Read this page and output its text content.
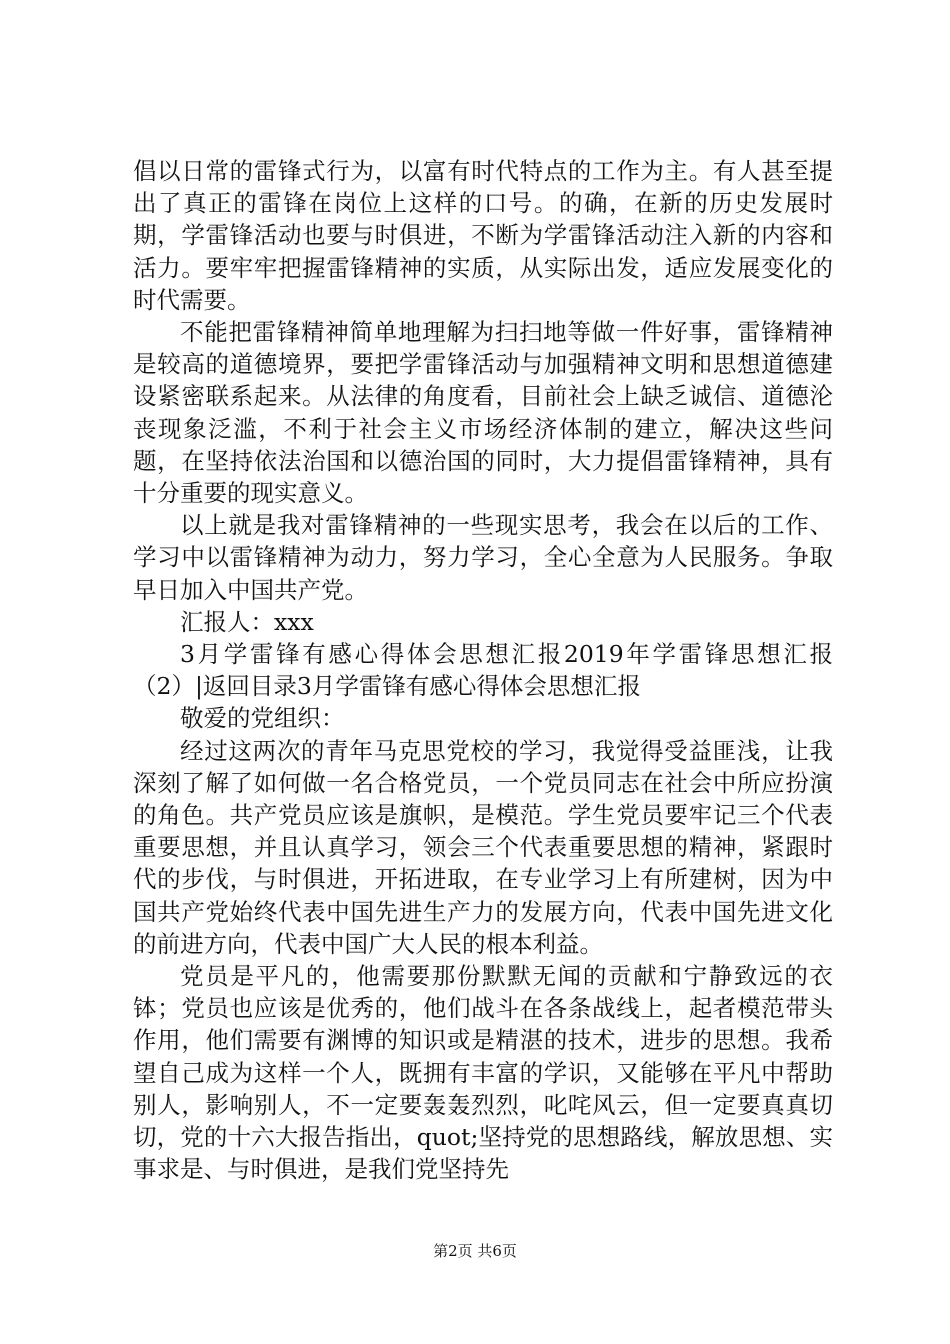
倡以日常的雷锋式行为，以富有时代特点的工作为主。有人甚至提出了真正的雷锋在岗位上这样的口号。的确，在新的历史发展时期，学雷锋活动也要与时俱进，不断为学雷锋活动注入新的内容和活力。要牢牢把握雷锋精神的实质，从实际出发，适应发展变化的时代需要。

不能把雷锋精神简单地理解为扫扫地等做一件好事，雷锋精神是较高的道德境界，要把学雷锋活动与加强精神文明和思想道德建设紧密联系起来。从法律的角度看，目前社会上缺乏诚信、道德沦丧现象泛滥，不利于社会主义市场经济体制的建立，解决这些问题，在坚持依法治国和以德治国的同时，大力提倡雷锋精神，具有十分重要的现实意义。

以上就是我对雷锋精神的一些现实思考，我会在以后的工作、学习中以雷锋精神为动力，努力学习，全心全意为人民服务。争取早日加入中国共产党。

汇报人：xxx

3月学雷锋有感心得体会思想汇报2019年学雷锋思想汇报（2）|返回目录3月学雷锋有感心得体会思想汇报

敬爱的党组织：

经过这两次的青年马克思党校的学习，我觉得受益匪浅，让我深刻了解了如何做一名合格党员，一个党员同志在社会中所应扮演的角色。共产党员应该是旗帜，是模范。学生党员要牢记三个代表重要思想，并且认真学习，领会三个代表重要思想的精神，紧跟时代的步伐，与时俱进，开拓进取，在专业学习上有所建树，因为中国共产党始终代表中国先进生产力的发展方向，代表中国先进文化的前进方向，代表中国广大人民的根本利益。

党员是平凡的，他需要那份默默无闻的贡献和宁静致远的衣钵；党员也应该是优秀的，他们战斗在各条战线上，起者模范带头作用，他们需要有渊博的知识或是精湛的技术，进步的思想。我希望自己成为这样一个人，既拥有丰富的学识，又能够在平凡中帮助别人，影响别人，不一定要轰轰烈烈，叱咤风云，但一定要真真切切，党的十六大报告指出，quot;坚持党的思想路线，解放思想、实事求是、与时俱进，是我们党坚持先

第2页 共6页
